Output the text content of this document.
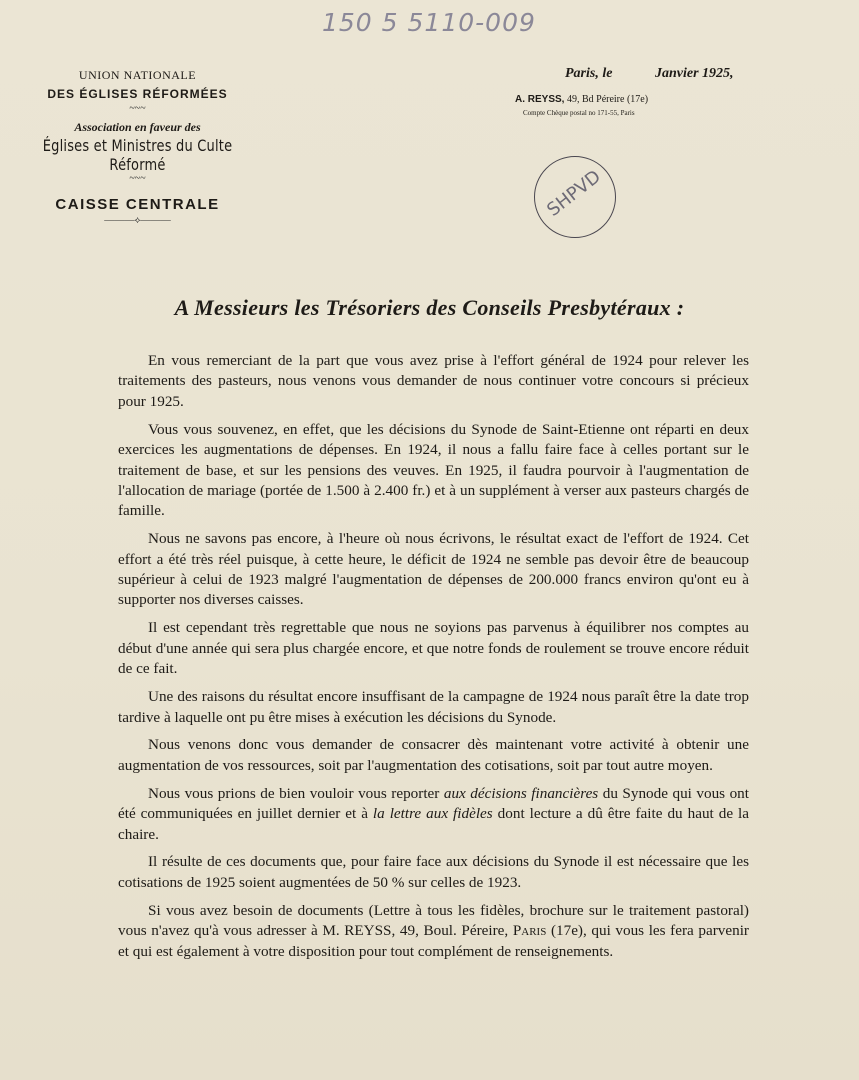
150 5 5110-009
UNION NATIONALE
DES ÉGLISES RÉFORMÉES
~~~
Association en faveur des
Églises et Ministres du Culte Réformé
~~~
CAISSE CENTRALE
———⟡———
Paris, le	Janvier 1925,
A. REYSS, 49, Bd Péreire (17e)
Compte Chèque postal no 171-55, Paris
SHPVD
A Messieurs les Trésoriers des Conseils Presbytéraux :

En vous remerciant de la part que vous avez prise à l'effort général de 1924 pour relever les traitements des pasteurs, nous venons vous demander de nous continuer votre concours si précieux pour 1925.

Vous vous souvenez, en effet, que les décisions du Synode de Saint-Etienne ont réparti en deux exercices les augmentations de dépenses. En 1924, il nous a fallu faire face à celles portant sur le traitement de base, et sur les pensions des veuves. En 1925, il faudra pourvoir à l'augmentation de l'allocation de mariage (portée de 1.500 à 2.400 fr.) et à un supplément à verser aux pasteurs chargés de famille.

Nous ne savons pas encore, à l'heure où nous écrivons, le résultat exact de l'effort de 1924. Cet effort a été très réel puisque, à cette heure, le déficit de 1924 ne semble pas devoir être de beaucoup supérieur à celui de 1923 malgré l'augmentation de dépenses de 200.000 francs environ qu'ont eu à supporter nos diverses caisses.

Il est cependant très regrettable que nous ne soyions pas parvenus à équilibrer nos comptes au début d'une année qui sera plus chargée encore, et que notre fonds de roulement se trouve encore réduit de ce fait.

Une des raisons du résultat encore insuffisant de la campagne de 1924 nous paraît être la date trop tardive à laquelle ont pu être mises à exécution les décisions du Synode.

Nous venons donc vous demander de consacrer dès maintenant votre activité à obtenir une augmentation de vos ressources, soit par l'augmentation des cotisations, soit par tout autre moyen.

Nous vous prions de bien vouloir vous reporter aux décisions financières du Synode qui vous ont été communiquées en juillet dernier et à la lettre aux fidèles dont lecture a dû être faite du haut de la chaire.

Il résulte de ces documents que, pour faire face aux décisions du Synode il est nécessaire que les cotisations de 1925 soient augmentées de 50 % sur celles de 1923.

Si vous avez besoin de documents (Lettre à tous les fidèles, brochure sur le traitement pastoral) vous n'avez qu'à vous adresser à M. REYSS, 49, Boul. Péreire, Paris (17e), qui vous les fera parvenir et qui est également à votre disposition pour tout complément de renseignements.
